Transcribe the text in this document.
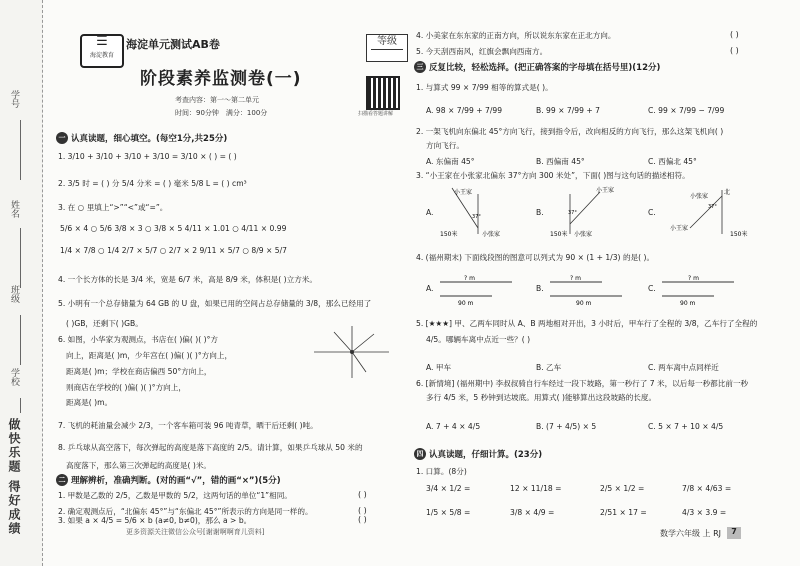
学号
姓名
班级
学校
做快乐题 得好成绩
☰
海淀教育
海淀单元测试AB卷	等级
阶段素养监测卷(一)
考查内容：第一～第二单元
时间：90分钟　 满分：100分	扫描看答题讲解
一 认真读题，细心填空。(每空1分,共25分)
1. 3/10 + 3/10 + 3/10 + 3/10 = 3/10 × ( ) = ( )
2. 3/5 时 = ( ) 分 5/4 分米 = ( ) 毫米 5/8 L = ( ) cm³
3. 在 ○ 里填上“>”“<”或“=”。
5/6 × 4 ○ 5/6 3/8 × 3 ○ 3/8 × 5 4/11 × 1.01 ○ 4/11 × 0.99
1/4 × 7/8 ○ 1/4 2/7 × 5/7 ○ 2/7 × 2 9/11 × 5/7 ○ 8/9 × 5/7
4. 一个长方体的长是 3/4 米，宽是 6/7 米，高是 8/9 米，体积是( )立方米。
5. 小明有一个总存储量为 64 GB 的 U 盘，如果已用的空间占总存储量的 3/8，那么已经用了
( )GB，还剩下( )GB。
6. 如图，小华家为观测点，书店在( )偏( )( )°方
向上，距离是( )m，少年宫在( )偏( )( )°方向上，
距离是( )m；学校在商店偏西 50°方向上，
则商店在学校的( )偏( )( )°方向上，
距离是( )m。
7. 飞机的耗油量会减少 2/3，一个客车箱可装 96 吨青草，晒干后还剩( )吨。
8. 乒乓球从高空落下，每次弹起的高度是落下高度的 2/5。请计算，如果乒乓球从 50 米的
高度落下，那么第三次弹起的高度是( )米。
二 理解辨析，准确判断。(对的画“√”，错的画“×”)(5分)
1. 甲数是乙数的 2/5，乙数是甲数的 5/2，这两句话的单位“1”相同。	( )
2. 确定观测点后，“北偏东 45°”与“东偏北 45°”所表示的方向是同一样的。	( )
3. 如果 a × 4/5 = 5/6 × b (a≠0, b≠0)，那么 a > b。	( )
4. 小美家在东东家的正南方向，所以说东东家在正北方向。	( )
5. 今天刮西南风，红旗会飘向西南方。	( )
三 反复比较，轻松选择。(把正确答案的字母填在括号里)(12分)
1. 与算式 99 × 7/99 相等的算式是( )。
A. 98 × 7/99 + 7/99	B. 99 × 7/99 + 7	C. 99 × 7/99 − 7/99
2. 一架飞机向东偏北 45°方向飞行，接到指令后，改向相反的方向飞行，那么这架飞机向( )
方向飞行。
A. 东偏南 45°	B. 西偏南 45°	C. 西偏北 45°
3. “小王家在小张家北偏东 37°方向 300 米处”，下面( )图与这句话的描述相符。
A.
小王家
小张家
150米
37°	B.
小王家
小张家
150米
37°	C.
北
小张家
小王家
150米
37°
4. (福州期末) 下面线段图的图意可以列式为 90 × (1 + 1/3) 的是( )。
A.
? m
90 m
B.
? m
90 m
C.
? m
90 m
5. [★★★] 甲、乙两车同时从 A、B 两地相对开出，3 小时后，甲车行了全程的 3/8，乙车行了全程的
4/5。哪辆车离中点近一些？( )
A. 甲车	B. 乙车	C. 两车离中点同样近
6. [新情境] (福州期中) 李叔叔骑自行车经过一段下坡路，第一秒行了 7 米，以后每一秒都比前一秒
多行 4/5 米，5 秒钟到达坡底。用算式( )能够算出这段坡路的长度。
A. 7 + 4 × 4/5	B. (7 + 4/5) × 5	C. 5 × 7 + 10 × 4/5
四 认真读题，仔细计算。(23分)
1. 口算。(8分)
3/4 × 1/2 =	12 × 11/18 =	2/5 × 1/2 =	7/8 × 4/63 =
1/5 × 5/8 =	3/8 × 4/9 =	2/51 × 17 =	4/3 × 3.9 =
更多资源关注微信公众号[谢谢啊啊育儿资料]	数学六年级 上 RJ	7
